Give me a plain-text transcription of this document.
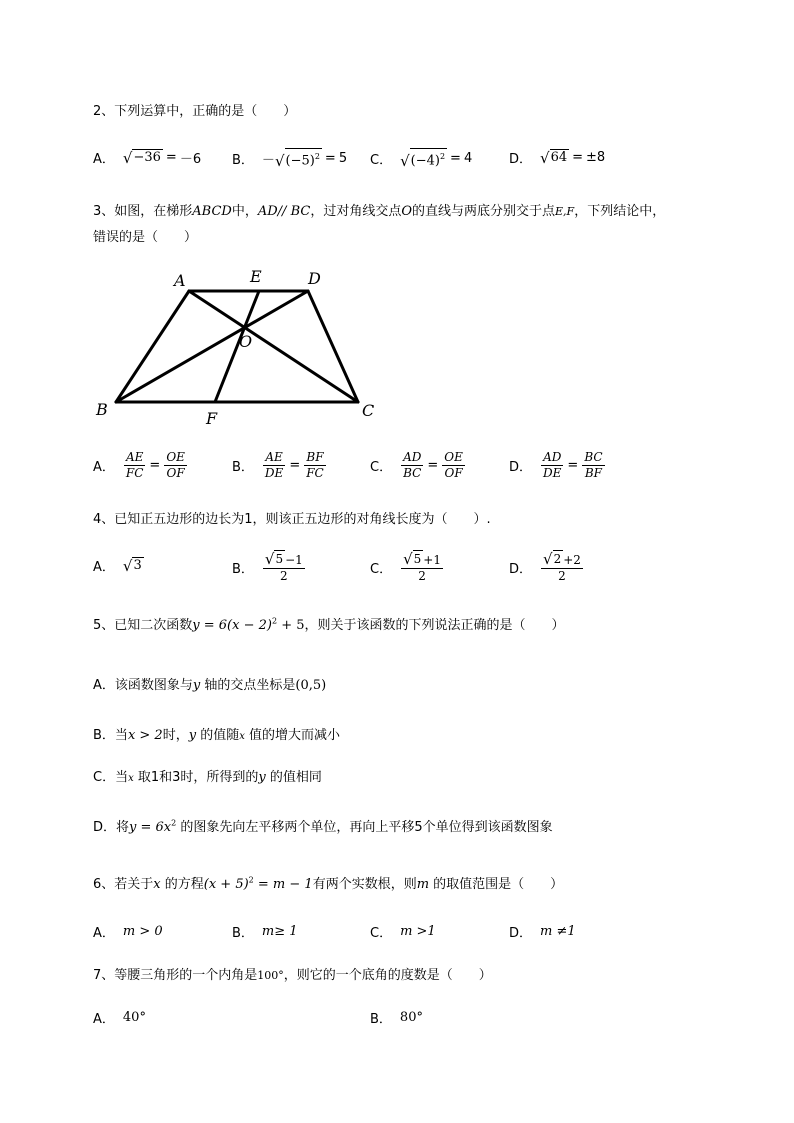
2、下列运算中，正确的是（　　）
A． √ −36 = －6 B． － √ $(-5)^2 = 5$ C． √ $(-4)^2 = 4$	D． √ 64 = ±8
3、如图，在梯形ABCD中，AD// BC，过对角线交点O的直线与两底分别交于点E,F，下列结论中，
错误的是（　　）
A	E	D
O
B	F	C
A． $\frac{AE}{FC} = \frac{OE}{OF}$	B． $\frac{AE}{DE} = \frac{BF}{FC}$	C． $\frac{AD}{BC} = \frac{OE}{OF}$	D． $\frac{AD}{DE} = \frac{BC}{BF}$
4、已知正五边形的边长为1，则该正五边形的对角线长度为（　　）.
A． √ 3	B． $\frac{√ 5 -1}{2}$	C． $\frac{√ 5 +1}{2}$	D． $\frac{√ 2 +2}{2}$
5、已知二次函数$y = 6(x - 2)^2 + 5$，则关于该函数的下列说法正确的是（　　）
A．该函数图象与y 轴的交点坐标是(0,5)
B．当x > 2时，y 的值随x 值的增大而减小
C．当x 取1和3时，所得到的y 的值相同
D．将$y = 6x^2$ 的图象先向左平移两个单位，再向上平移5个单位得到该函数图象
6、若关于x 的方程$(x + 5)^2 = m - 1$有两个实数根，则m 的取值范围是（　　）
A． m > 0	B． m≥ 1	C． m >1	D． m ≠1
7、等腰三角形的一个内角是100°，则它的一个底角的度数是（　　）
A． 40°	B． 80°
